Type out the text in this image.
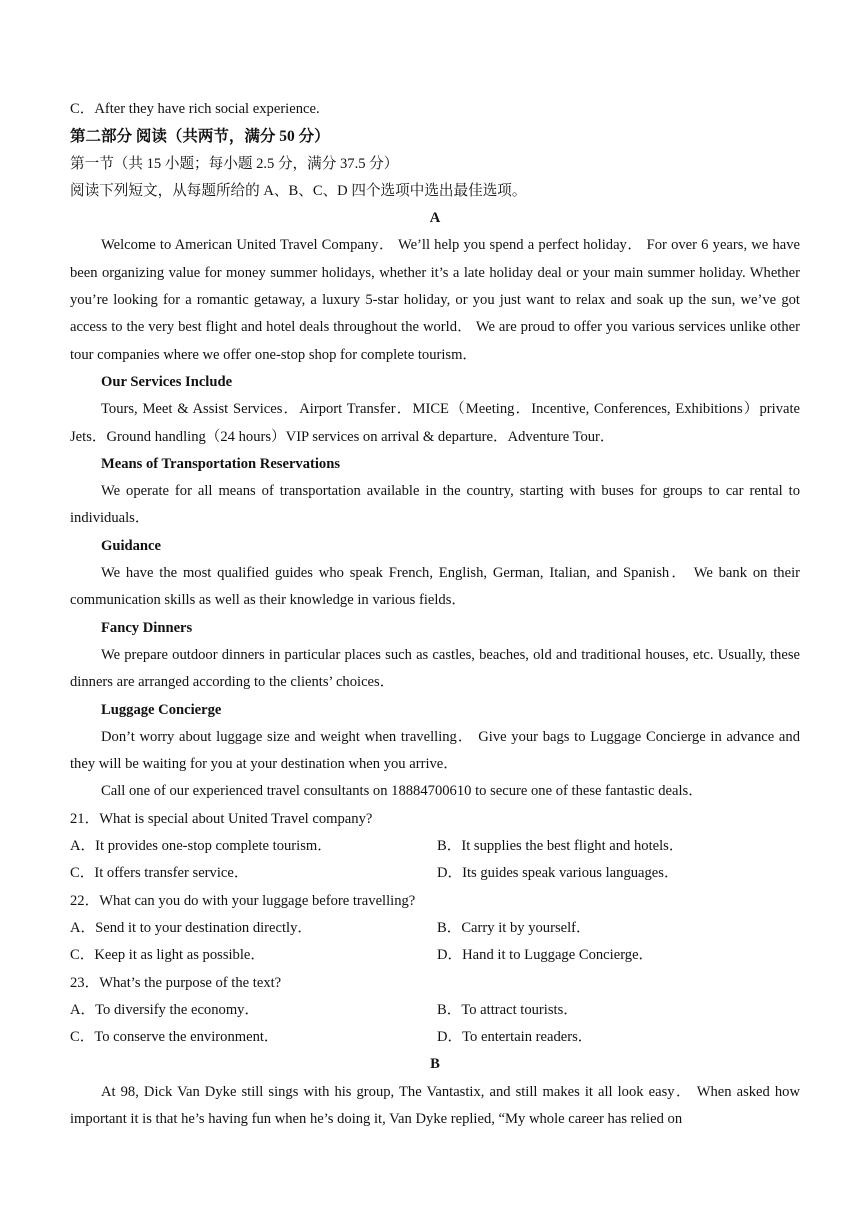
C．After they have rich social experience.
第二部分 阅读（共两节，满分 50 分）
第一节（共 15 小题；每小题 2.5 分，满分 37.5 分）
阅读下列短文，从每题所给的 A、B、C、D 四个选项中选出最佳选项。
A
Welcome to American United Travel Company． We’ll help you spend a perfect holiday． For over 6 years, we have been organizing value for money summer holidays, whether it’s a late holiday deal or your main summer holiday. Whether you’re looking for a romantic getaway, a luxury 5-star holiday, or you just want to relax and soak up the sun, we’ve got access to the very best flight and hotel deals throughout the world． We are proud to offer you various services unlike other tour companies where we offer one-stop shop for complete tourism．
Our Services Include
Tours, Meet & Assist Services．Airport Transfer．MICE（Meeting．Incentive, Conferences, Exhibitions）private Jets．Ground handling（24 hours）VIP services on arrival & departure．Adventure Tour．
Means of Transportation Reservations
We operate for all means of transportation available in the country, starting with buses for groups to car rental to individuals．
Guidance
We have the most qualified guides who speak French, English, German, Italian, and Spanish． We bank on their communication skills as well as their knowledge in various fields．
Fancy Dinners
We prepare outdoor dinners in particular places such as castles, beaches, old and traditional houses, etc. Usually, these dinners are arranged according to the clients’ choices．
Luggage Concierge
Don’t worry about luggage size and weight when travelling． Give your bags to Luggage Concierge in advance and they will be waiting for you at your destination when you arrive．
Call one of our experienced travel consultants on 18884700610 to secure one of these fantastic deals．
21．What is special about United Travel company?
A．It provides one-stop complete tourism．	B．It supplies the best flight and hotels．
C．It offers transfer service．	D．Its guides speak various languages．
22．What can you do with your luggage before travelling?
A．Send it to your destination directly．	B．Carry it by yourself．
C．Keep it as light as possible．	D．Hand it to Luggage Concierge．
23．What’s the purpose of the text?
A．To diversify the economy．	B．To attract tourists．
C．To conserve the environment．	D．To entertain readers．
B
At 98, Dick Van Dyke still sings with his group, The Vantastix, and still makes it all look easy． When asked how important it is that he’s having fun when he’s doing it, Van Dyke replied, “My whole career has relied on
